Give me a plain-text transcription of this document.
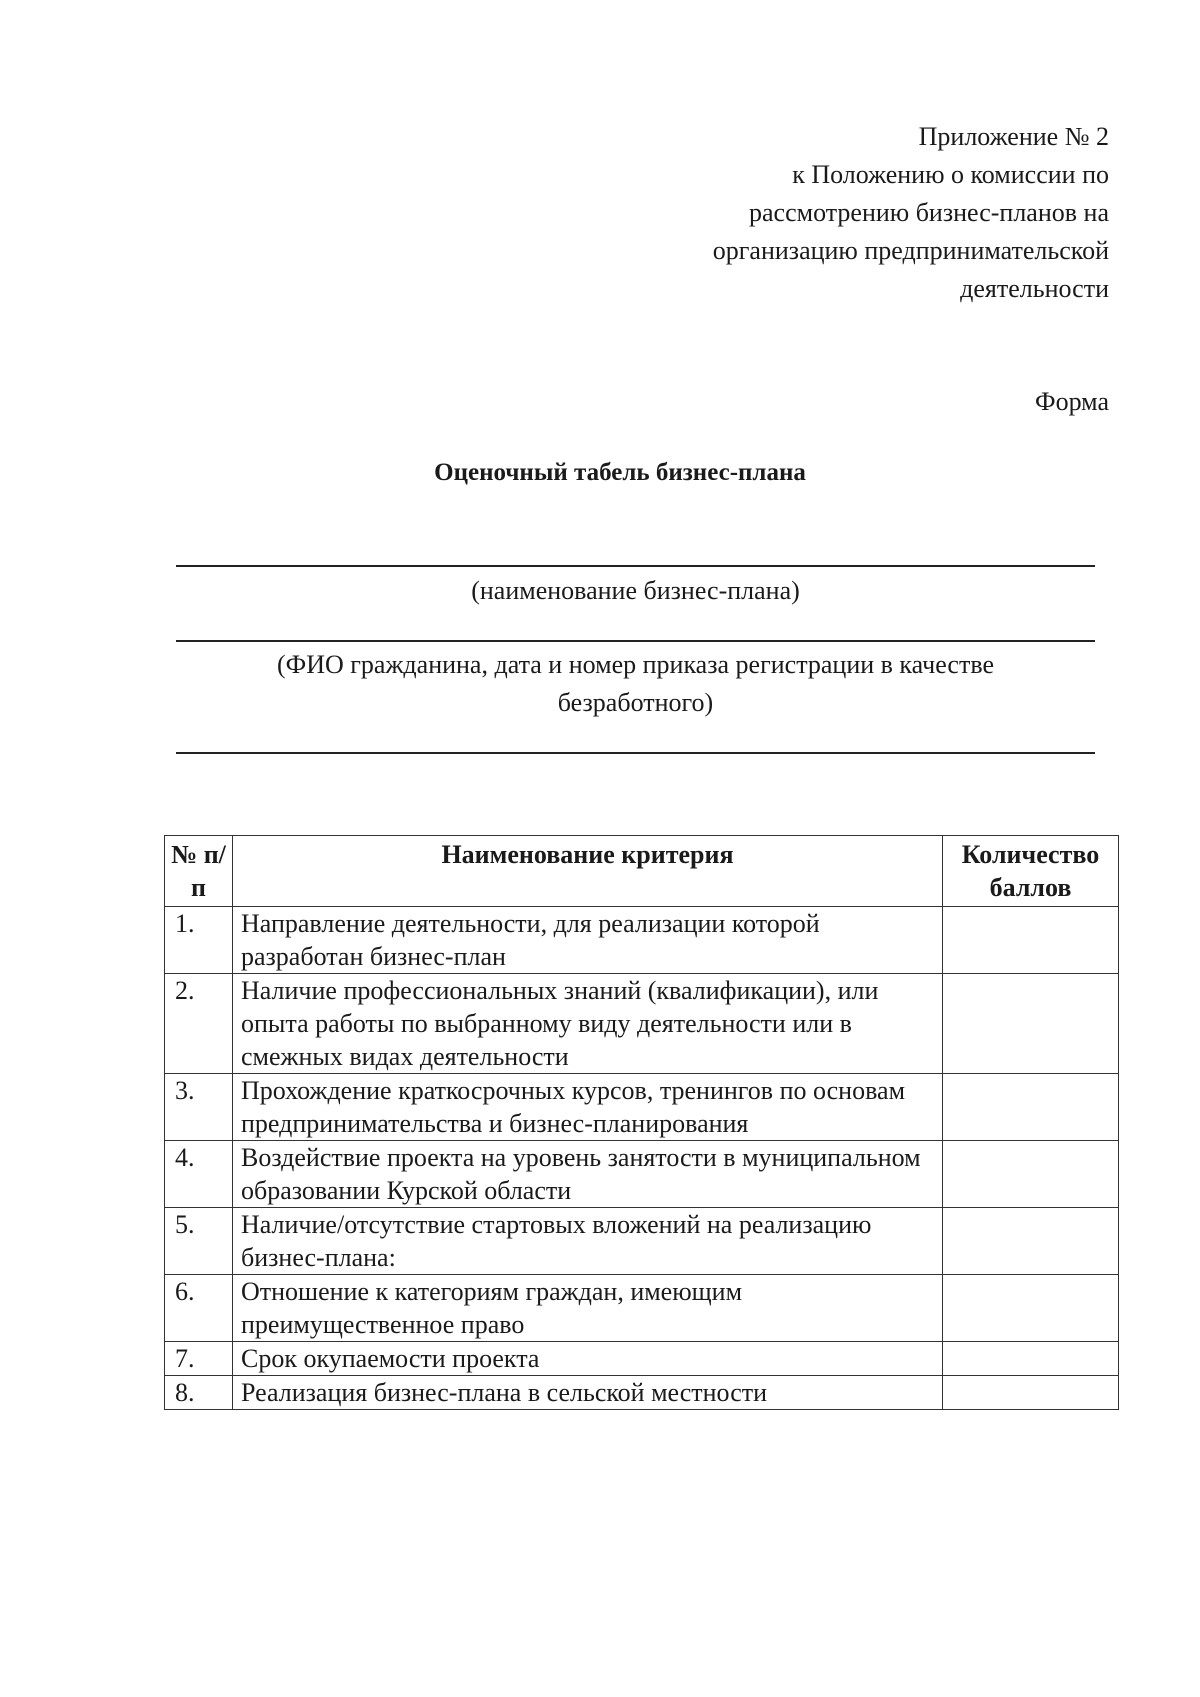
Приложение № 2
к Положению о комиссии по
рассмотрению бизнес-планов на
организацию предпринимательской
деятельности
Форма
Оценочный табель бизнес-плана
(наименование бизнес-плана)
(ФИО гражданина, дата и номер приказа регистрации в качестве
безработного)
№ п/п	Наименование критерия	Количество баллов
1.	Направление деятельности, для реализации которой разработан бизнес-план	
2.	Наличие профессиональных знаний (квалификации), или опыта работы по выбранному виду деятельности или в смежных видах деятельности	
3.	Прохождение краткосрочных курсов, тренингов по основам предпринимательства и бизнес-планирования	
4.	Воздействие проекта на уровень занятости в муниципальном образовании Курской области	
5.	Наличие/отсутствие стартовых вложений на реализацию бизнес-плана:	
6.	Отношение к категориям граждан, имеющим преимущественное право	
7.	Срок окупаемости проекта	
8.	Реализация бизнес-плана в сельской местности	
